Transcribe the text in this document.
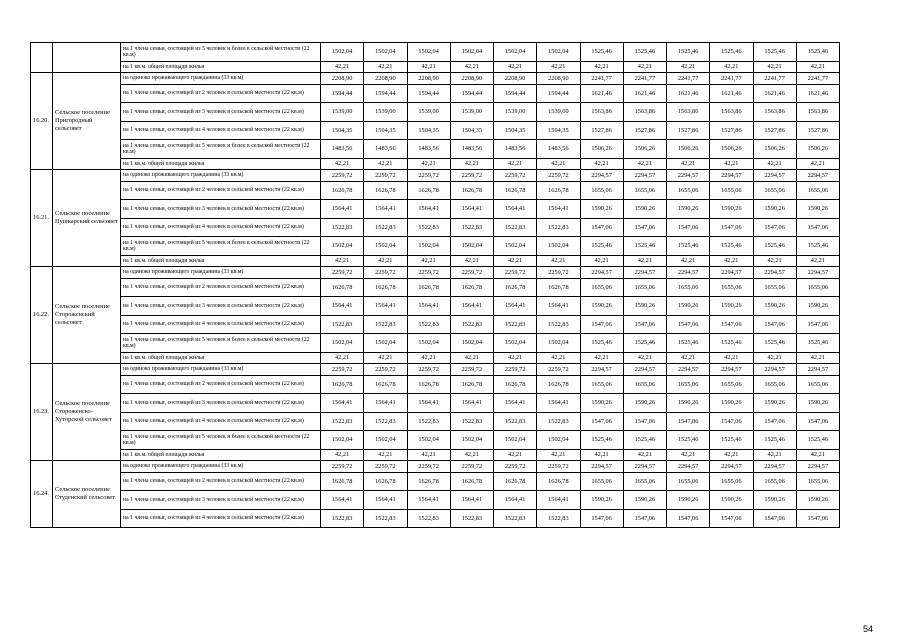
		на 1 члена семьи, состоящей из 5 человек и более в сельской местности (22 кв.м)	1502,04	1502,04	1502,04	1502,04	1502,04	1502,04	1525,46	1525,46	1525,46	1525,46	1525,46	1525,46
		на 1 кв.м. общей площади жилья	42,21	42,21	42,21	42,21	42,21	42,21	42,21	42,21	42,21	42,21	42,21	42,21
16.20.	Сельское поселение Пригородный сельсовет	на одиноко проживающего гражданина (33 кв.м)	2208,90	2208,90	2208,90	2208,90	2208,90	2208,90	2241,77	2241,77	2241,77	2241,77	2241,77	2241,77
		на 1 члена семьи, состоящей из 2 человек в сельской местности (22 кв.м)	1594,44	1594,44	1594,44	1594,44	1594,44	1594,44	1621,46	1621,46	1621,46	1621,46	1621,46	1621,46
		на 1 члена семьи, состоящей из 3 человек в сельской местности (22 кв.м)	1539,00	1539,00	1539,00	1539,00	1539,00	1539,00	1563,86	1563,86	1563,86	1563,86	1563,86	1563,86
		на 1 члена семьи, состоящей из 4 человек в сельской местности (22 кв.м)	1504,35	1504,35	1504,35	1504,35	1504,35	1504,35	1527,86	1527,86	1527,86	1527,86	1527,86	1527,86
		на 1 члена семьи, состоящей из 5 человек и более в сельской местности (22 кв.м)	1483,56	1483,56	1483,56	1483,56	1483,56	1483,56	1506,26	1506,26	1506,26	1506,26	1506,26	1506,26
		на 1 кв.м. общей площади жилья	42,21	42,21	42,21	42,21	42,21	42,21	42,21	42,21	42,21	42,21	42,21	42,21
16.21.	Сельское поселение Пушкарский сельсовет	на одиноко проживающего гражданина (33 кв.м)	2259,72	2259,72	2259,72	2259,72	2259,72	2259,72	2294,57	2294,57	2294,57	2294,57	2294,57	2294,57
		на 1 члена семьи, состоящей из 2 человек в сельской местности (22 кв.м)	1626,78	1626,78	1626,78	1626,78	1626,78	1626,78	1655,06	1655,06	1655,06	1655,06	1655,06	1655,06
		на 1 члена семьи, состоящей из 3 человек в сельской местности (22 кв.м)	1564,41	1564,41	1564,41	1564,41	1564,41	1564,41	1590,26	1590,26	1590,26	1590,26	1590,26	1590,26
		на 1 члена семьи, состоящей из 4 человек в сельской местности (22 кв.м)	1522,83	1522,83	1522,83	1522,83	1522,83	1522,83	1547,06	1547,06	1547,06	1547,06	1547,06	1547,06
		на 1 члена семьи, состоящей из 5 человек и более в сельской местности (22 кв.м)	1502,04	1502,04	1502,04	1502,04	1502,04	1502,04	1525,46	1525,46	1525,46	1525,46	1525,46	1525,46
		на 1 кв.м. общей площади жилья	42,21	42,21	42,21	42,21	42,21	42,21	42,21	42,21	42,21	42,21	42,21	42,21
16.22.	Сельское поселение Стороженский сельсовет	на одиноко проживающего гражданина (33 кв.м)	2259,72	2259,72	2259,72	2259,72	2259,72	2259,72	2294,57	2294,57	2294,57	2294,57	2294,57	2294,57
		на 1 члена семьи, состоящей из 2 человек в сельской местности (22 кв.м)	1626,78	1626,78	1626,78	1626,78	1626,78	1626,78	1655,06	1655,06	1655,06	1655,06	1655,06	1655,06
		на 1 члена семьи, состоящей из 3 человек в сельской местности (22 кв.м)	1564,41	1564,41	1564,41	1564,41	1564,41	1564,41	1590,26	1590,26	1590,26	1590,26	1590,26	1590,26
		на 1 члена семьи, состоящей из 4 человек в сельской местности (22 кв.м)	1522,83	1522,83	1522,83	1522,83	1522,83	1522,83	1547,06	1547,06	1547,06	1547,06	1547,06	1547,06
		на 1 члена семьи, состоящей из 5 человек и более в сельской местности (22 кв.м)	1502,04	1502,04	1502,04	1502,04	1502,04	1502,04	1525,46	1525,46	1525,46	1525,46	1525,46	1525,46
		на 1 кв.м. общей площади жилья	42,21	42,21	42,21	42,21	42,21	42,21	42,21	42,21	42,21	42,21	42,21	42,21
16.23.	Сельское поселение Стороженско-Хуторской сельсовет	на одиноко проживающего гражданина (33 кв.м)	2259,72	2259,72	2259,72	2259,72	2259,72	2259,72	2294,57	2294,57	2294,57	2294,57	2294,57	2294,57
		на 1 члена семьи, состоящей из 2 человек в сельской местности (22 кв.м)	1626,78	1626,78	1626,78	1626,78	1626,78	1626,78	1655,06	1655,06	1655,06	1655,06	1655,06	1655,06
		на 1 члена семьи, состоящей из 3 человек в сельской местности (22 кв.м)	1564,41	1564,41	1564,41	1564,41	1564,41	1564,41	1590,26	1590,26	1590,26	1590,26	1590,26	1590,26
		на 1 члена семьи, состоящей из 4 человек в сельской местности (22 кв.м)	1522,83	1522,83	1522,83	1522,83	1522,83	1522,83	1547,06	1547,06	1547,06	1547,06	1547,06	1547,06
		на 1 члена семьи, состоящей из 5 человек и более в сельской местности (22 кв.м)	1502,04	1502,04	1502,04	1502,04	1502,04	1502,04	1525,46	1525,46	1525,46	1525,46	1525,46	1525,46
		на 1 кв.м. общей площади жилья	42,21	42,21	42,21	42,21	42,21	42,21	42,21	42,21	42,21	42,21	42,21	42,21
16.24.	Сельское поселение Студенский сельсовет	на одиноко проживающего гражданина (33 кв.м)	2259,72	2259,72	2259,72	2259,72	2259,72	2259,72	2294,57	2294,57	2294,57	2294,57	2294,57	2294,57
		на 1 члена семьи, состоящей из 2 человек в сельской местности (22 кв.м)	1626,78	1626,78	1626,78	1626,78	1626,78	1626,78	1655,06	1655,06	1655,06	1655,06	1655,06	1655,06
		на 1 члена семьи, состоящей из 3 человек в сельской местности (22 кв.м)	1564,41	1564,41	1564,41	1564,41	1564,41	1564,41	1590,26	1590,26	1590,26	1590,26	1590,26	1590,26
		на 1 члена семьи, состоящей из 4 человек в сельской местности (22 кв.м)	1522,83	1522,83	1522,83	1522,83	1522,83	1522,83	1547,06	1547,06	1547,06	1547,06	1547,06	1547,06
54
